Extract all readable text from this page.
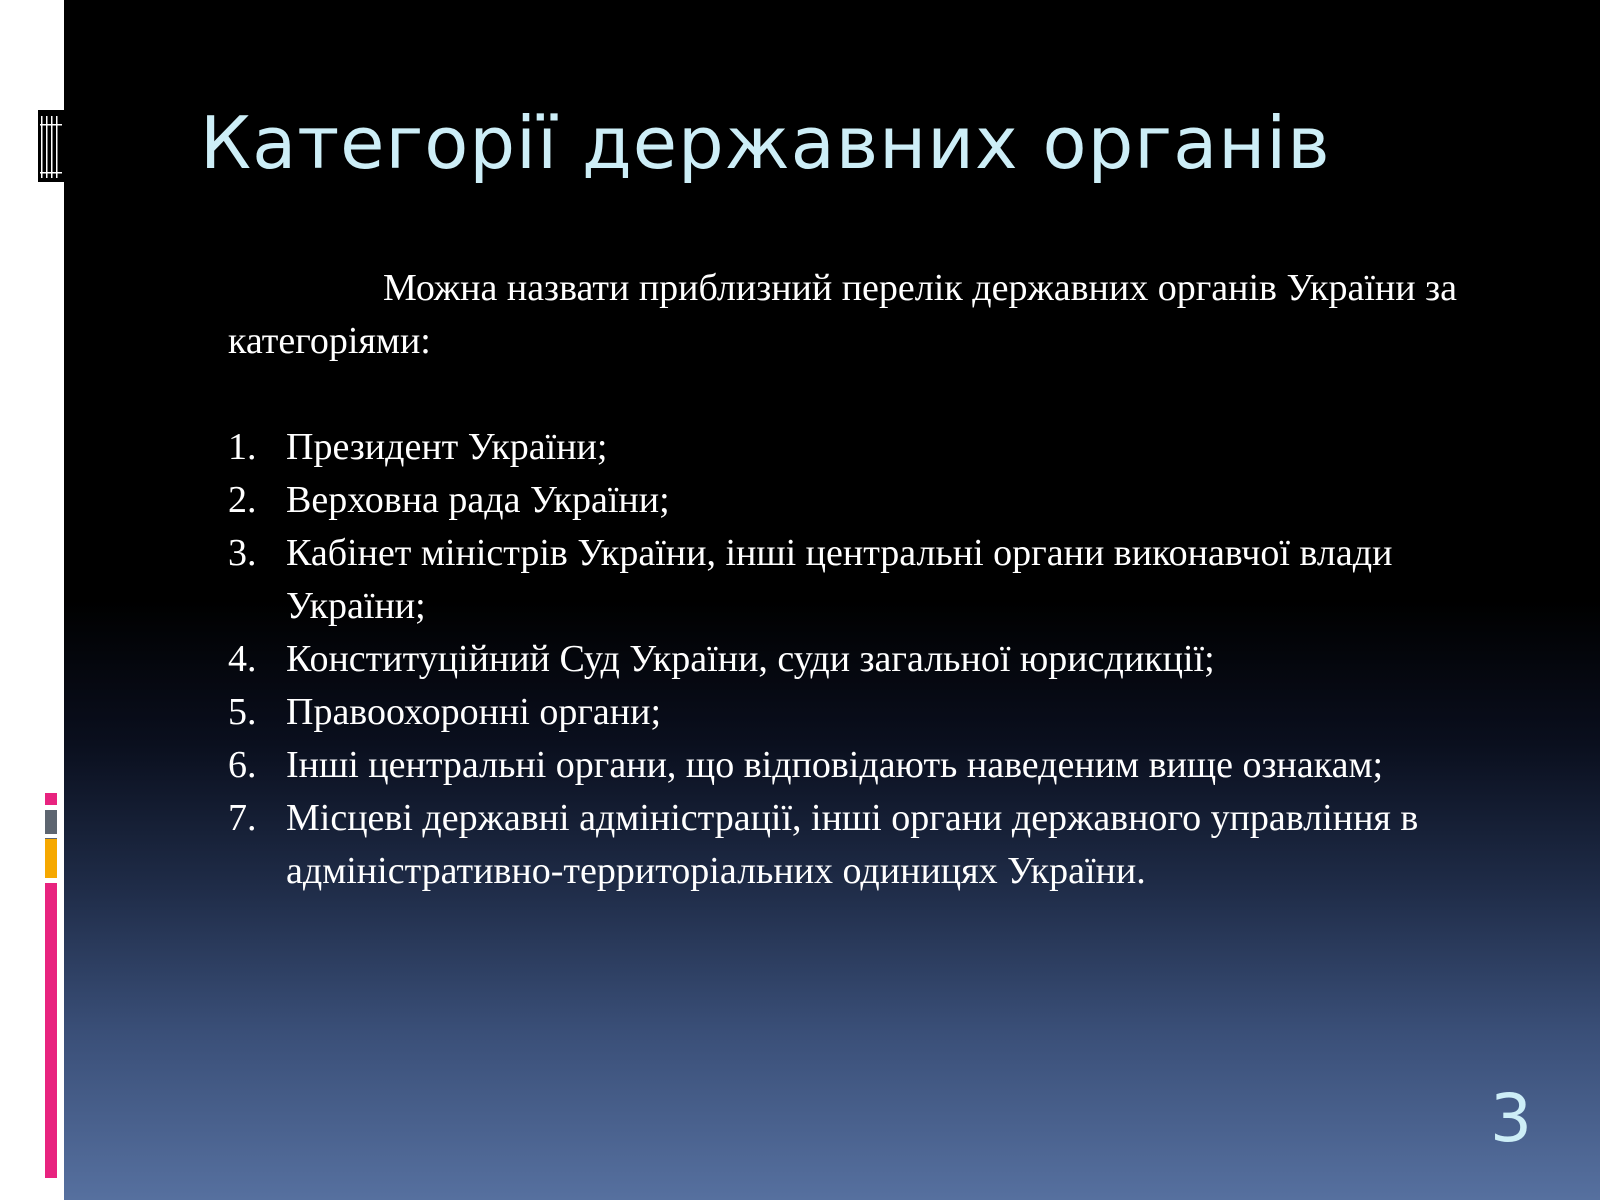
Категорії державних органів

Можна назвати приблизний перелік державних органів України за категоріями:

1. Президент України;
2. Верховна рада України;
3. Кабінет міністрів України, інші центральні органи виконавчої влади України;
4. Конституційний Суд України, суди загальної юрисдикції;
5. Правоохоронні органи;
6. Інші центральні органи, що відповідають наведеним вище ознакам;
7. Місцеві державні адміністрації, інші органи державного управління в адміністративно-территоріальних одиницях України.
3
